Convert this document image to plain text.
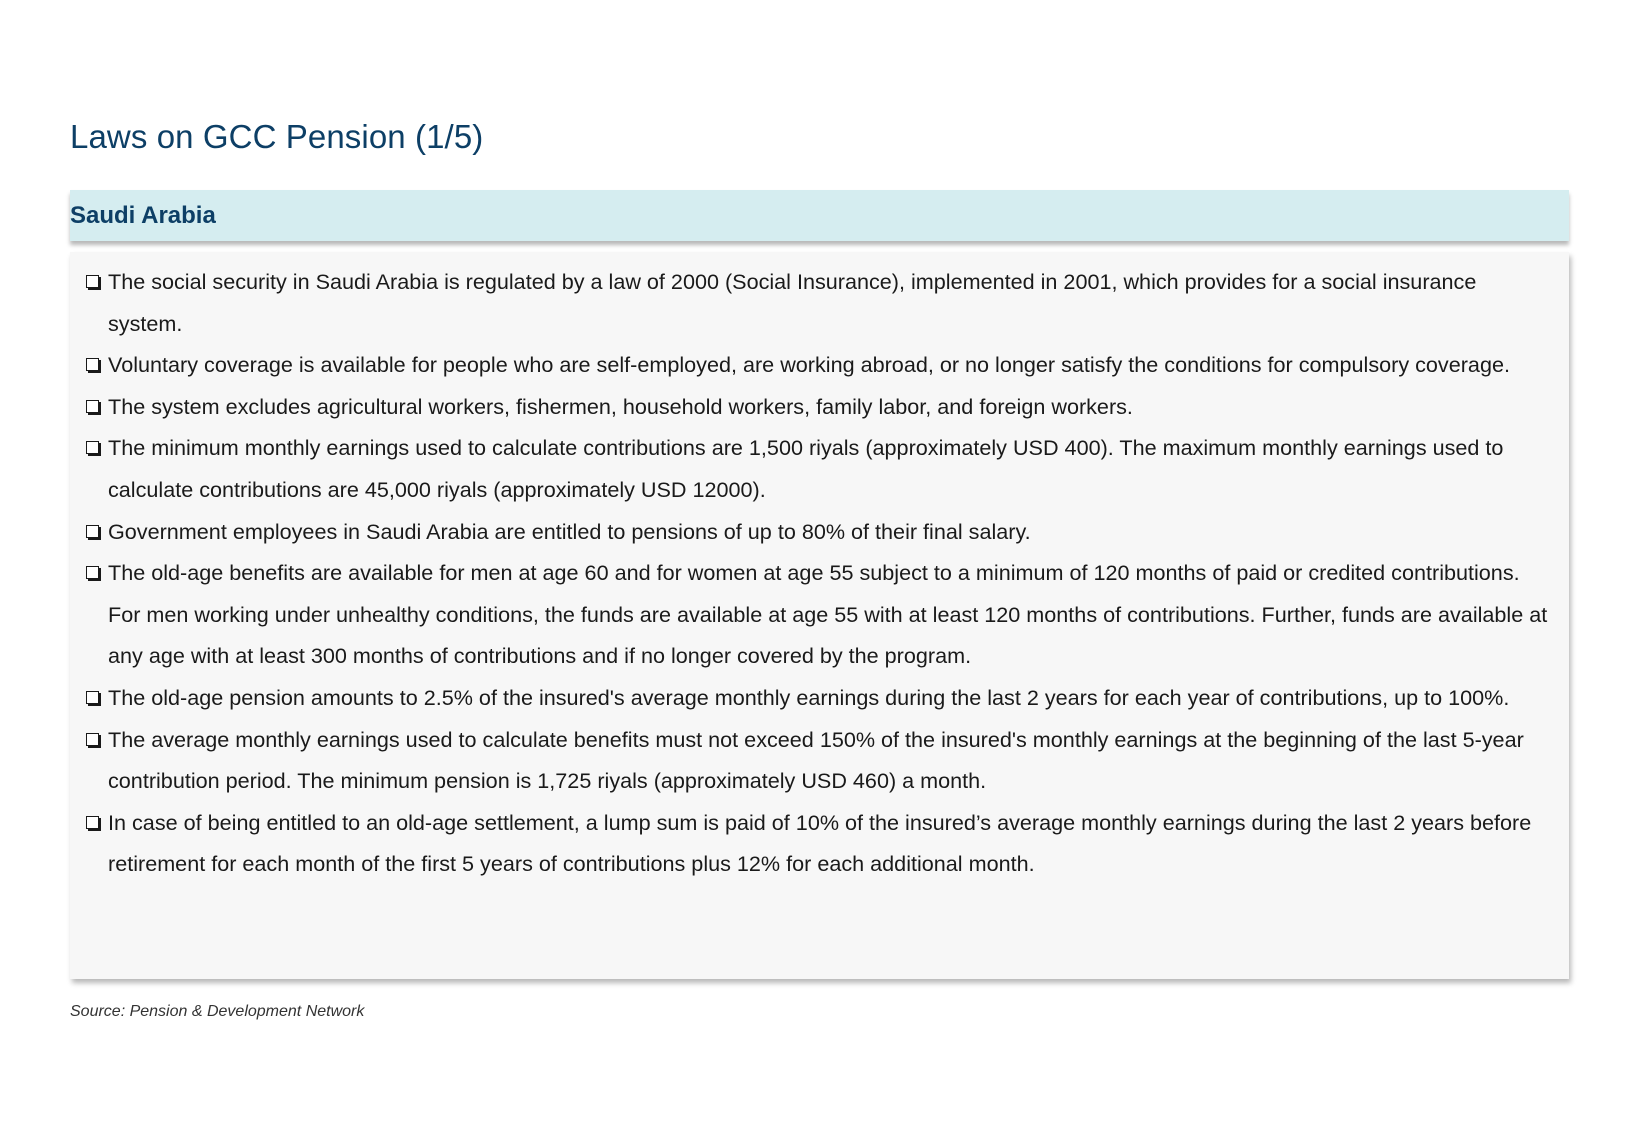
Laws on GCC Pension (1/5)
Saudi Arabia
The social security in Saudi Arabia is regulated by a law of 2000 (Social Insurance), implemented in 2001, which provides for a social insurance system.
Voluntary coverage is available for people who are self-employed, are working abroad, or no longer satisfy the conditions for compulsory coverage.
The system excludes agricultural workers, fishermen, household workers, family labor, and foreign workers.
The minimum monthly earnings used to calculate contributions are 1,500 riyals (approximately USD 400). The maximum monthly earnings used to calculate contributions are 45,000 riyals (approximately USD 12000).
Government employees in Saudi Arabia are entitled to pensions of up to 80% of their final salary.
The old-age benefits are available for men at age 60 and for women at age 55 subject to a minimum of 120 months of paid or credited contributions. For men working under unhealthy conditions, the funds are available at age 55 with at least 120 months of contributions. Further, funds are available at any age with at least 300 months of contributions and if no longer covered by the program.
The old-age pension amounts to 2.5% of the insured's average monthly earnings during the last 2 years for each year of contributions, up to 100%.
The average monthly earnings used to calculate benefits must not exceed 150% of the insured's monthly earnings at the beginning of the last 5-year contribution period. The minimum pension is 1,725 riyals (approximately USD 460) a month.
In case of being entitled to an old-age settlement, a lump sum is paid of 10% of the insured’s average monthly earnings during the last 2 years before retirement for each month of the first 5 years of contributions plus 12% for each additional month.
Source: Pension & Development Network
